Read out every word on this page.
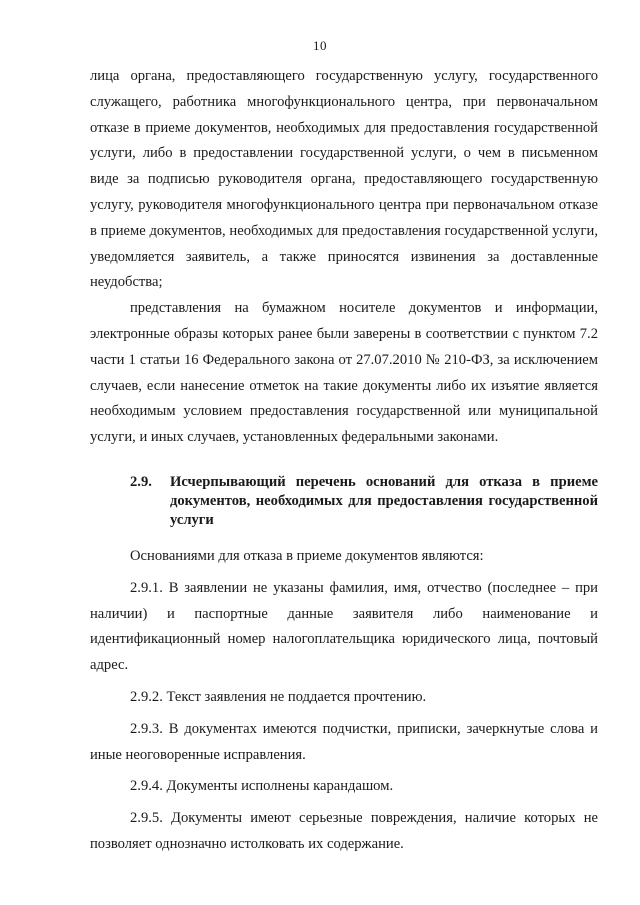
10

лица органа, предоставляющего государственную услугу, государственного служащего, работника многофункционального центра, при первоначальном отказе в приеме документов, необходимых для предоставления государственной услуги, либо в предоставлении государственной услуги, о чем в письменном виде за подписью руководителя органа, предоставляющего государственную услугу, руководителя многофункционального центра при первоначальном отказе в приеме документов, необходимых для предоставления государственной услуги, уведомляется заявитель, а также приносятся извинения за доставленные неудобства;

представления на бумажном носителе документов и информации, электронные образы которых ранее были заверены в соответствии с пунктом 7.2 части 1 статьи 16 Федерального закона от 27.07.2010 № 210-ФЗ, за исключением случаев, если нанесение отметок на такие документы либо их изъятие является необходимым условием предоставления государственной или муниципальной услуги, и иных случаев, установленных федеральными законами.

2.9.	Исчерпывающий перечень оснований для отказа в приеме документов, необходимых для предоставления государственной услуги

Основаниями для отказа в приеме документов являются:

2.9.1. В заявлении не указаны фамилия, имя, отчество (последнее – при наличии) и паспортные данные заявителя либо наименование и идентификационный номер налогоплательщика юридического лица, почтовый адрес.

2.9.2. Текст заявления не поддается прочтению.

2.9.3. В документах имеются подчистки, приписки, зачеркнутые слова и иные неоговоренные исправления.

2.9.4. Документы исполнены карандашом.

2.9.5. Документы имеют серьезные повреждения, наличие которых не позволяет однозначно истолковать их содержание.
